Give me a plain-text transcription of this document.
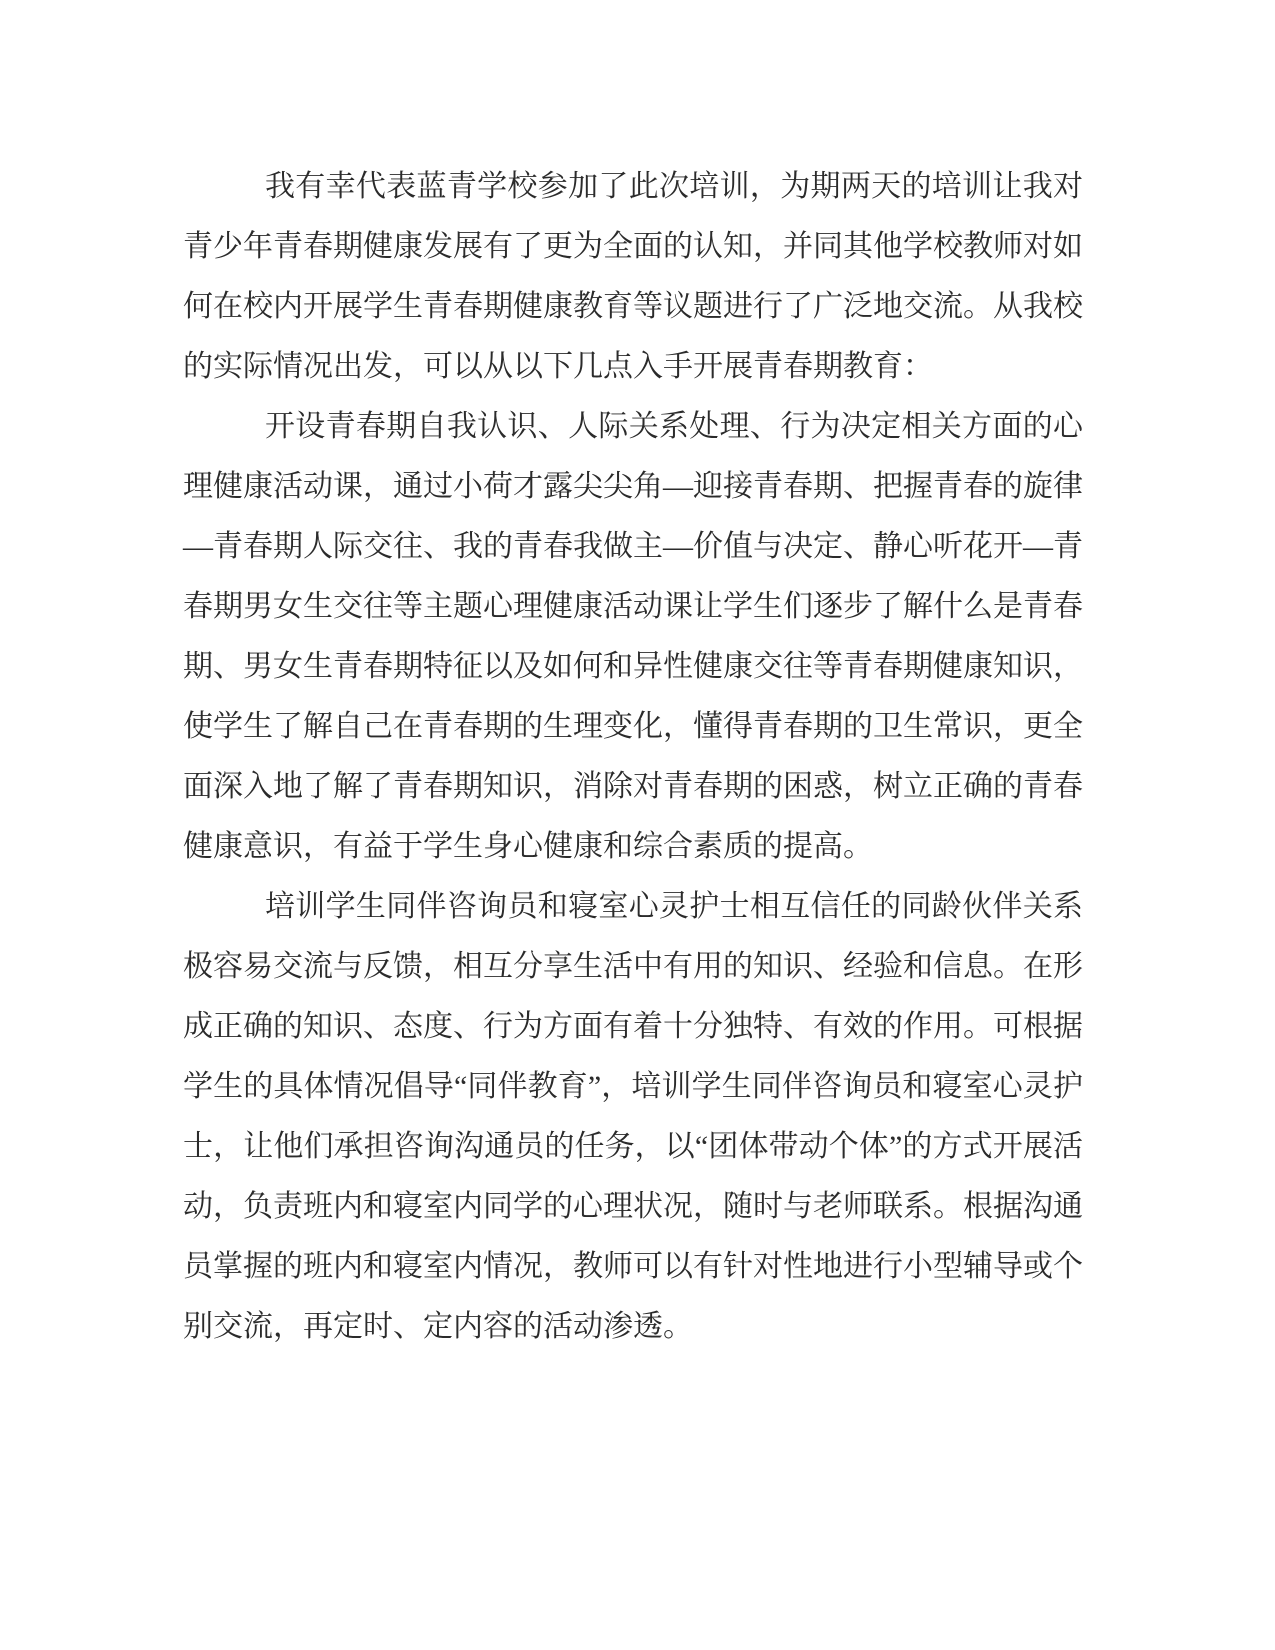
我有幸代表蓝青学校参加了此次培训，为期两天的培训让我对青少年青春期健康发展有了更为全面的认知，并同其他学校教师对如何在校内开展学生青春期健康教育等议题进行了广泛地交流。从我校的实际情况出发，可以从以下几点入手开展青春期教育：

开设青春期自我认识、人际关系处理、行为决定相关方面的心理健康活动课，通过小荷才露尖尖角—迎接青春期、把握青春的旋律—青春期人际交往、我的青春我做主—价值与决定、静心听花开—青春期男女生交往等主题心理健康活动课让学生们逐步了解什么是青春期、男女生青春期特征以及如何和异性健康交往等青春期健康知识，使学生了解自己在青春期的生理变化，懂得青春期的卫生常识，更全面深入地了解了青春期知识，消除对青春期的困惑，树立正确的青春健康意识，有益于学生身心健康和综合素质的提高。

培训学生同伴咨询员和寝室心灵护士相互信任的同龄伙伴关系极容易交流与反馈，相互分享生活中有用的知识、经验和信息。在形成正确的知识、态度、行为方面有着十分独特、有效的作用。可根据学生的具体情况倡导“同伴教育”，培训学生同伴咨询员和寝室心灵护士，让他们承担咨询沟通员的任务，以“团体带动个体”的方式开展活动，负责班内和寝室内同学的心理状况，随时与老师联系。根据沟通员掌握的班内和寝室内情况，教师可以有针对性地进行小型辅导或个别交流，再定时、定内容的活动渗透。
